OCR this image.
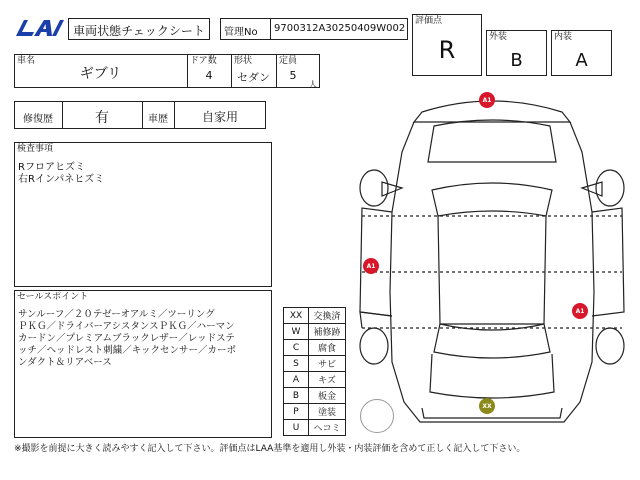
車両状態チェックシート	管理No 9700312A30250409W002
評価点
R	外装
B
内装
A
車名
ギブリ
ドア数
4
形状
セダン
定員
5
人
修復歴	有	車歴	自家用
検査事項
Rフロアヒズミ
右Rインパネヒズミ
セールスポイント
サンルーフ／２０テゼーオアルミ／ツーリング
ＰＫＧ／ドライバーアシスタンスＰＫＧ／ハーマン
カードン／プレミアムブラックレザー／レッドステ
ッチ／ヘッドレスト刺繍／キックセンサー／カーボ
ンダクト＆リアベース
XX	交換済
W	補修跡
C	腐食
S	サビ
A	キズ
B	板金
P	塗装
U	ヘコミ
A1
A1
A1
XX
※撮影を前提に大きく読みやすく記入して下さい。評価点はLAA基準を適用し外装・内装評価を含めて正しく記入して下さい。
